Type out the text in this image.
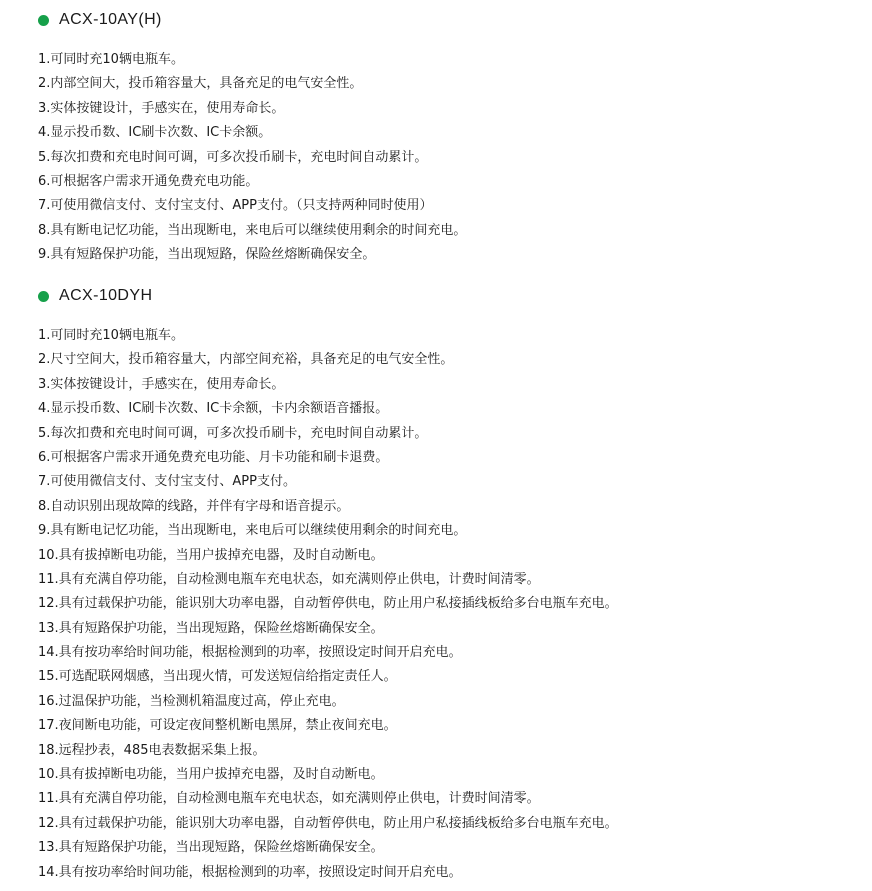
ACX-10AY(H)
1.可同时充10辆电瓶车。
2.内部空间大，投币箱容量大，具备充足的电气安全性。
3.实体按键设计，手感实在，使用寿命长。
4.显示投币数、IC刷卡次数、IC卡余额。
5.每次扣费和充电时间可调，可多次投币刷卡，充电时间自动累计。
6.可根据客户需求开通免费充电功能。
7.可使用微信支付、支付宝支付、APP支付。（只支持两种同时使用）
8.具有断电记忆功能，当出现断电，来电后可以继续使用剩余的时间充电。
9.具有短路保护功能，当出现短路，保险丝熔断确保安全。
ACX-10DYH
1.可同时充10辆电瓶车。
2.尺寸空间大，投币箱容量大，内部空间充裕，具备充足的电气安全性。
3.实体按键设计，手感实在，使用寿命长。
4.显示投币数、IC刷卡次数、IC卡余额，卡内余额语音播报。
5.每次扣费和充电时间可调，可多次投币刷卡，充电时间自动累计。
6.可根据客户需求开通免费充电功能、月卡功能和刷卡退费。
7.可使用微信支付、支付宝支付、APP支付。
8.自动识别出现故障的线路，并伴有字母和语音提示。
9.具有断电记忆功能，当出现断电，来电后可以继续使用剩余的时间充电。
10.具有拔掉断电功能，当用户拔掉充电器，及时自动断电。
11.具有充满自停功能，自动检测电瓶车充电状态，如充满则停止供电，计费时间清零。
12.具有过载保护功能，能识别大功率电器，自动暂停供电，防止用户私接插线板给多台电瓶车充电。
13.具有短路保护功能，当出现短路，保险丝熔断确保安全。
14.具有按功率给时间功能，根据检测到的功率，按照设定时间开启充电。
15.可选配联网烟感，当出现火情，可发送短信给指定责任人。
16.过温保护功能，当检测机箱温度过高，停止充电。
17.夜间断电功能，可设定夜间整机断电黑屏，禁止夜间充电。
18.远程抄表，485电表数据采集上报。
10.具有拔掉断电功能，当用户拔掉充电器，及时自动断电。
11.具有充满自停功能，自动检测电瓶车充电状态，如充满则停止供电，计费时间清零。
12.具有过载保护功能，能识别大功率电器，自动暂停供电，防止用户私接插线板给多台电瓶车充电。
13.具有短路保护功能，当出现短路，保险丝熔断确保安全。
14.具有按功率给时间功能，根据检测到的功率，按照设定时间开启充电。
